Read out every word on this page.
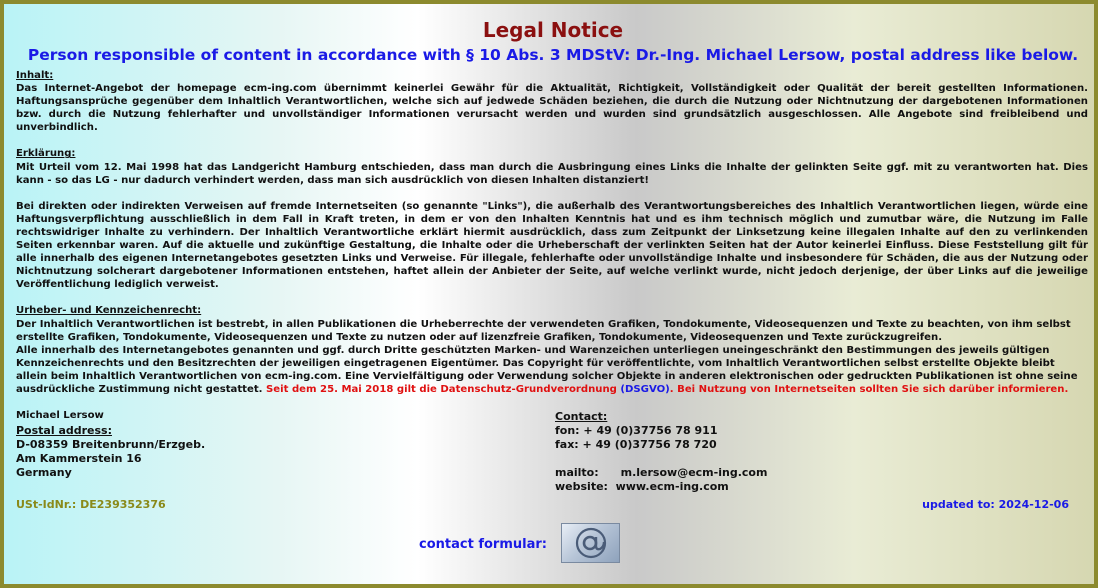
Legal Notice
Person responsible of content in accordance with § 10 Abs. 3 MDStV: Dr.-Ing. Michael Lersow, postal address like below.

Inhalt:

Das Internet-Angebot der homepage ecm-ing.com übernimmt keinerlei Gewähr für die Aktualität, Richtigkeit, Vollständigkeit oder Qualität der bereit gestellten Informationen. Haftungsansprüche gegenüber dem Inhaltlich Verantwortlichen, welche sich auf jedwede Schäden beziehen, die durch die Nutzung oder Nichtnutzung der dargebotenen Informationen bzw. durch die Nutzung fehlerhafter und unvollständiger Informationen verursacht werden und wurden sind grundsätzlich ausgeschlossen. Alle Angebote sind freibleibend und unverbindlich.

Erklärung:

Mit Urteil vom 12. Mai 1998 hat das Landgericht Hamburg entschieden, dass man durch die Ausbringung eines Links die Inhalte der gelinkten Seite ggf. mit zu verantworten hat. Dies kann - so das LG - nur dadurch verhindert werden, dass man sich ausdrücklich von diesen Inhalten distanziert!

Bei direkten oder indirekten Verweisen auf fremde Internetseiten (so genannte "Links"), die außerhalb des Verantwortungsbereiches des Inhaltlich Verantwortlichen liegen, würde eine Haftungsverpflichtung ausschließlich in dem Fall in Kraft treten, in dem er von den Inhalten Kenntnis hat und es ihm technisch möglich und zumutbar wäre, die Nutzung im Falle rechtswidriger Inhalte zu verhindern. Der Inhaltlich Verantwortliche erklärt hiermit ausdrücklich, dass zum Zeitpunkt der Linksetzung keine illegalen Inhalte auf den zu verlinkenden Seiten erkennbar waren. Auf die aktuelle und zukünftige Gestaltung, die Inhalte oder die Urheberschaft der verlinkten Seiten hat der Autor keinerlei Einfluss. Diese Feststellung gilt für alle innerhalb des eigenen Internetangebotes gesetzten Links und Verweise. Für illegale, fehlerhafte oder unvollständige Inhalte und insbesondere für Schäden, die aus der Nutzung oder Nichtnutzung solcherart dargebotener Informationen entstehen, haftet allein der Anbieter der Seite, auf welche verlinkt wurde, nicht jedoch derjenige, der über Links auf die jeweilige Veröffentlichung lediglich verweist.

Urheber- und Kennzeichenrecht:

Der Inhaltlich Verantwortlichen ist bestrebt, in allen Publikationen die Urheberrechte der verwendeten Grafiken, Tondokumente, Videosequenzen und Texte zu beachten, von ihm selbst erstellte Grafiken, Tondokumente, Videosequenzen und Texte zu nutzen oder auf lizenzfreie Grafiken, Tondokumente, Videosequenzen und Texte zurückzugreifen.

Alle innerhalb des Internetangebotes genannten und ggf. durch Dritte geschützten Marken- und Warenzeichen unterliegen uneingeschränkt den Bestimmungen des jeweils gültigen Kennzeichenrechts und den Besitzrechten der jeweiligen eingetragenen Eigentümer. Das Copyright für veröffentlichte, vom Inhaltlich Verantwortlichen selbst erstellte Objekte bleibt allein beim Inhaltlich Verantwortlichen von ecm-ing.com. Eine Vervielfältigung oder Verwendung solcher Objekte in anderen elektronischen oder gedruckten Publikationen ist ohne seine ausdrückliche Zustimmung nicht gestattet. Seit dem 25. Mai 2018 gilt die Datenschutz-Grundverordnung (DSGVO). Bei Nutzung von Internetseiten sollten Sie sich darüber informieren.

Michael Lersow	Contact:
fon: + 49 (0)37756 78 911
fax: + 49 (0)37756 78 720
mailto: m.lersow@ecm-ing.com
website: www.ecm-ing.com
Postal address:
D-08359 Breitenbrunn/Erzgeb.
Am Kammerstein 16
Germany
USt-IdNr.: DE239352376	updated to: 2024-12-06
contact formular:
